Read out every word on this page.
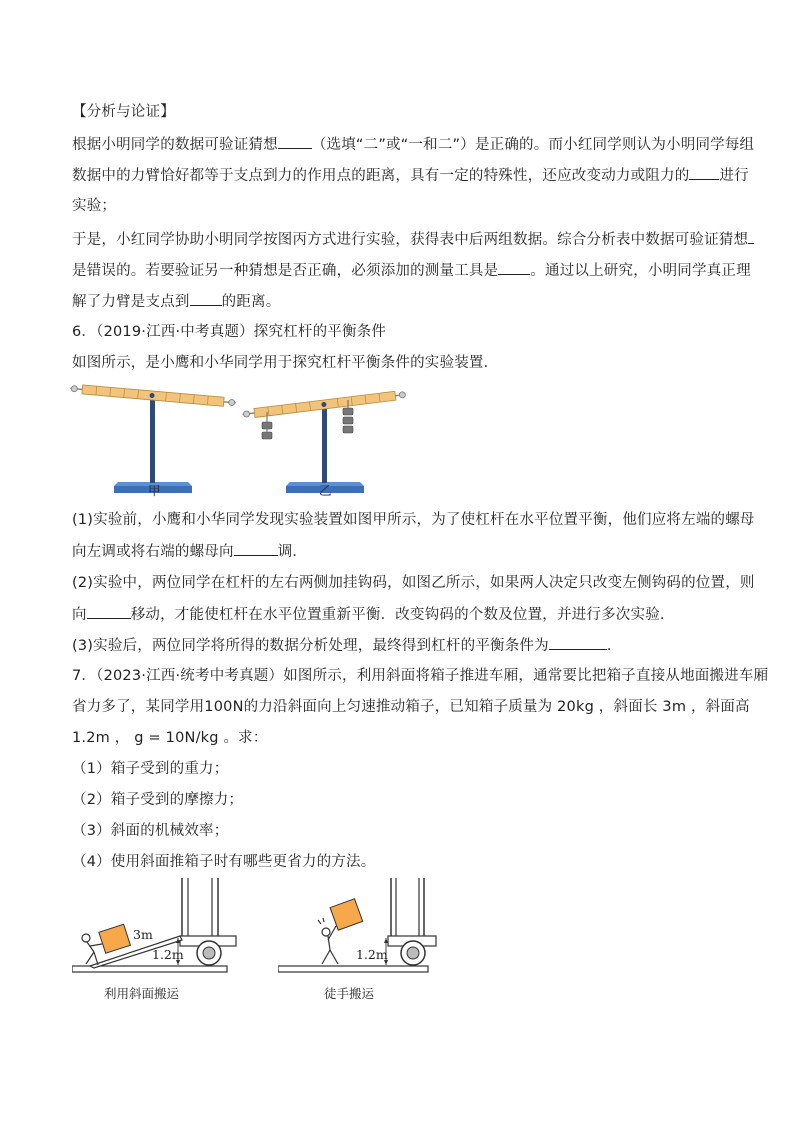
【分析与论证】
根据小明同学的数据可验证猜想 （选填“二”或“一和二”）是正确的。而小红同学则认为小明同学每组
数据中的力臂恰好都等于支点到力的作用点的距离，具有一定的特殊性，还应改变动力或阻力的 进行
实验；
于是，小红同学协助小明同学按图丙方式进行实验，获得表中后两组数据。综合分析表中数据可验证猜想
是错误的。若要验证另一种猜想是否正确，必须添加的测量工具是 。通过以上研究，小明同学真正理
解了力臂是支点到 的距离。
6．（2019·江西·中考真题）探究杠杆的平衡条件
如图所示，是小鹰和小华同学用于探究杠杆平衡条件的实验装置．
甲	乙
(1)实验前，小鹰和小华同学发现实验装置如图甲所示，为了使杠杆在水平位置平衡，他们应将左端的螺母
向左调或将右端的螺母向	调．
(2)实验中，两位同学在杠杆的左右两侧加挂钩码，如图乙所示，如果两人决定只改变左侧钩码的位置，则
向	移动，才能使杠杆在水平位置重新平衡．改变钩码的个数及位置，并进行多次实验.
(3)实验后，两位同学将所得的数据分析处理，最终得到杠杆的平衡条件为	．
7．（2023·江西·统考中考真题）如图所示，利用斜面将箱子推进车厢，通常要比把箱子直接从地面搬进车厢
省力多了，某同学用100N的力沿斜面向上匀速推动箱子，已知箱子质量为 20kg ，斜面长 3m ，斜面高
1.2m ， g = 10N/kg 。求：
（1）箱子受到的重力；
（2）箱子受到的摩擦力；
（3）斜面的机械效率；
（4）使用斜面推箱子时有哪些更省力的方法。
3m
1.2m
利用斜面搬运
1.2m
徒手搬运
